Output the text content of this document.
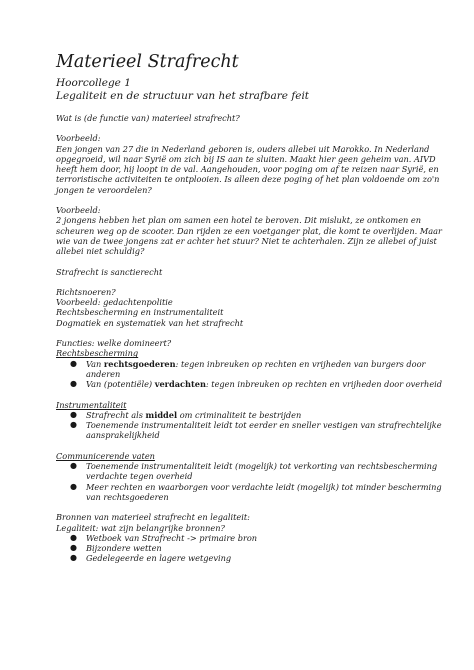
Materieel Strafrecht
Hoorcollege 1
Legaliteit en de structuur van het strafbare feit
Wat is (de functie van) materieel strafrecht?
Voorbeeld:
Een jongen van 27 die in Nederland geboren is, ouders allebei uit Marokko. In Nederland
opgegroeid, wil naar Syrië om zich bij IS aan te sluiten. Maakt hier geen geheim van. AIVD
heeft hem door, hij loopt in de val. Aangehouden, voor poging om af te reizen naar Syrië, en
terroristische activiteiten te ontplooien. Is alleen deze poging of het plan voldoende om zo'n
jongen te veroordelen?
Voorbeeld:
2 jongens hebben het plan om samen een hotel te beroven. Dit mislukt, ze ontkomen en
scheuren weg op de scooter. Dan rijden ze een voetganger plat, die komt te overlijden. Maar
wie van de twee jongens zat er achter het stuur? Niet te achterhalen. Zijn ze allebei of juist
allebei niet schuldig?
Strafrecht is sanctierecht
Richtsnoeren?
Voorbeeld: gedachtenpolitie
Rechtsbescherming en instrumentaliteit
Dogmatiek en systematiek van het strafrecht
Functies: welke domineert?
Rechtsbescherming
● Van rechtsgoederen: tegen inbreuken op rechten en vrijheden van burgers door
anderen
● Van (potentiële) verdachten: tegen inbreuken op rechten en vrijheden door overheid
Instrumentaliteit
● Strafrecht als middel om criminaliteit te bestrijden
● Toenemende instrumentaliteit leidt tot eerder en sneller vestigen van strafrechtelijke
aansprakelijkheid
Communicerende vaten
● Toenemende instrumentaliteit leidt (mogelijk) tot verkorting van rechtsbescherming
verdachte tegen overheid
● Meer rechten en waarborgen voor verdachte leidt (mogelijk) tot minder bescherming
van rechtsgoederen
Bronnen van materieel strafrecht en legaliteit:
Legaliteit: wat zijn belangrijke bronnen?
● Wetboek van Strafrecht -> primaire bron
● Bijzondere wetten
● Gedelegeerde en lagere wetgeving
